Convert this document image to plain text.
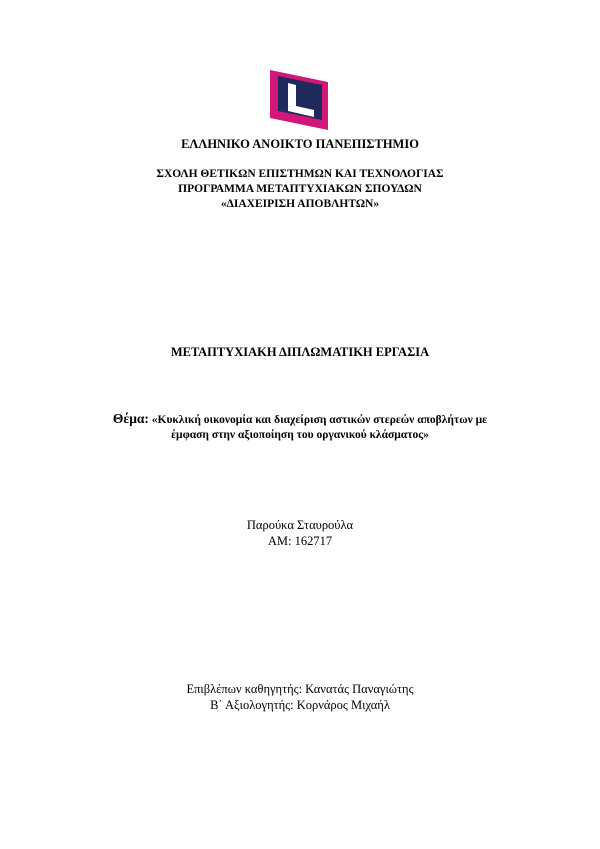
ΕΛΛΗΝΙΚΟ ΑΝΟΙΚΤΟ ΠΑΝΕΠΙΣΤΗΜΙΟ
ΣΧΟΛΗ ΘΕΤΙΚΩΝ ΕΠΙΣΤΗΜΩΝ ΚΑΙ ΤΕΧΝΟΛΟΓΙΑΣ
ΠΡΟΓΡΑΜΜΑ ΜΕΤΑΠΤΥΧΙΑΚΩΝ ΣΠΟΥΔΩΝ
«ΔΙΑΧΕΙΡΙΣΗ ΑΠΟΒΛΗΤΩΝ»
ΜΕΤΑΠΤΥΧΙΑΚΗ ΔΙΠΛΩΜΑΤΙΚΗ ΕΡΓΑΣΙΑ
Θέμα: «Κυκλική οικονομία και διαχείριση αστικών στερεών αποβλήτων με
έμφαση στην αξιοποίηση του οργανικού κλάσματος»
Παρούκα Σταυρούλα
ΑΜ: 162717
Επιβλέπων καθηγητής: Κανατάς Παναγιώτης
Β΄ Αξιολογητής: Κορνάρος Μιχαήλ
